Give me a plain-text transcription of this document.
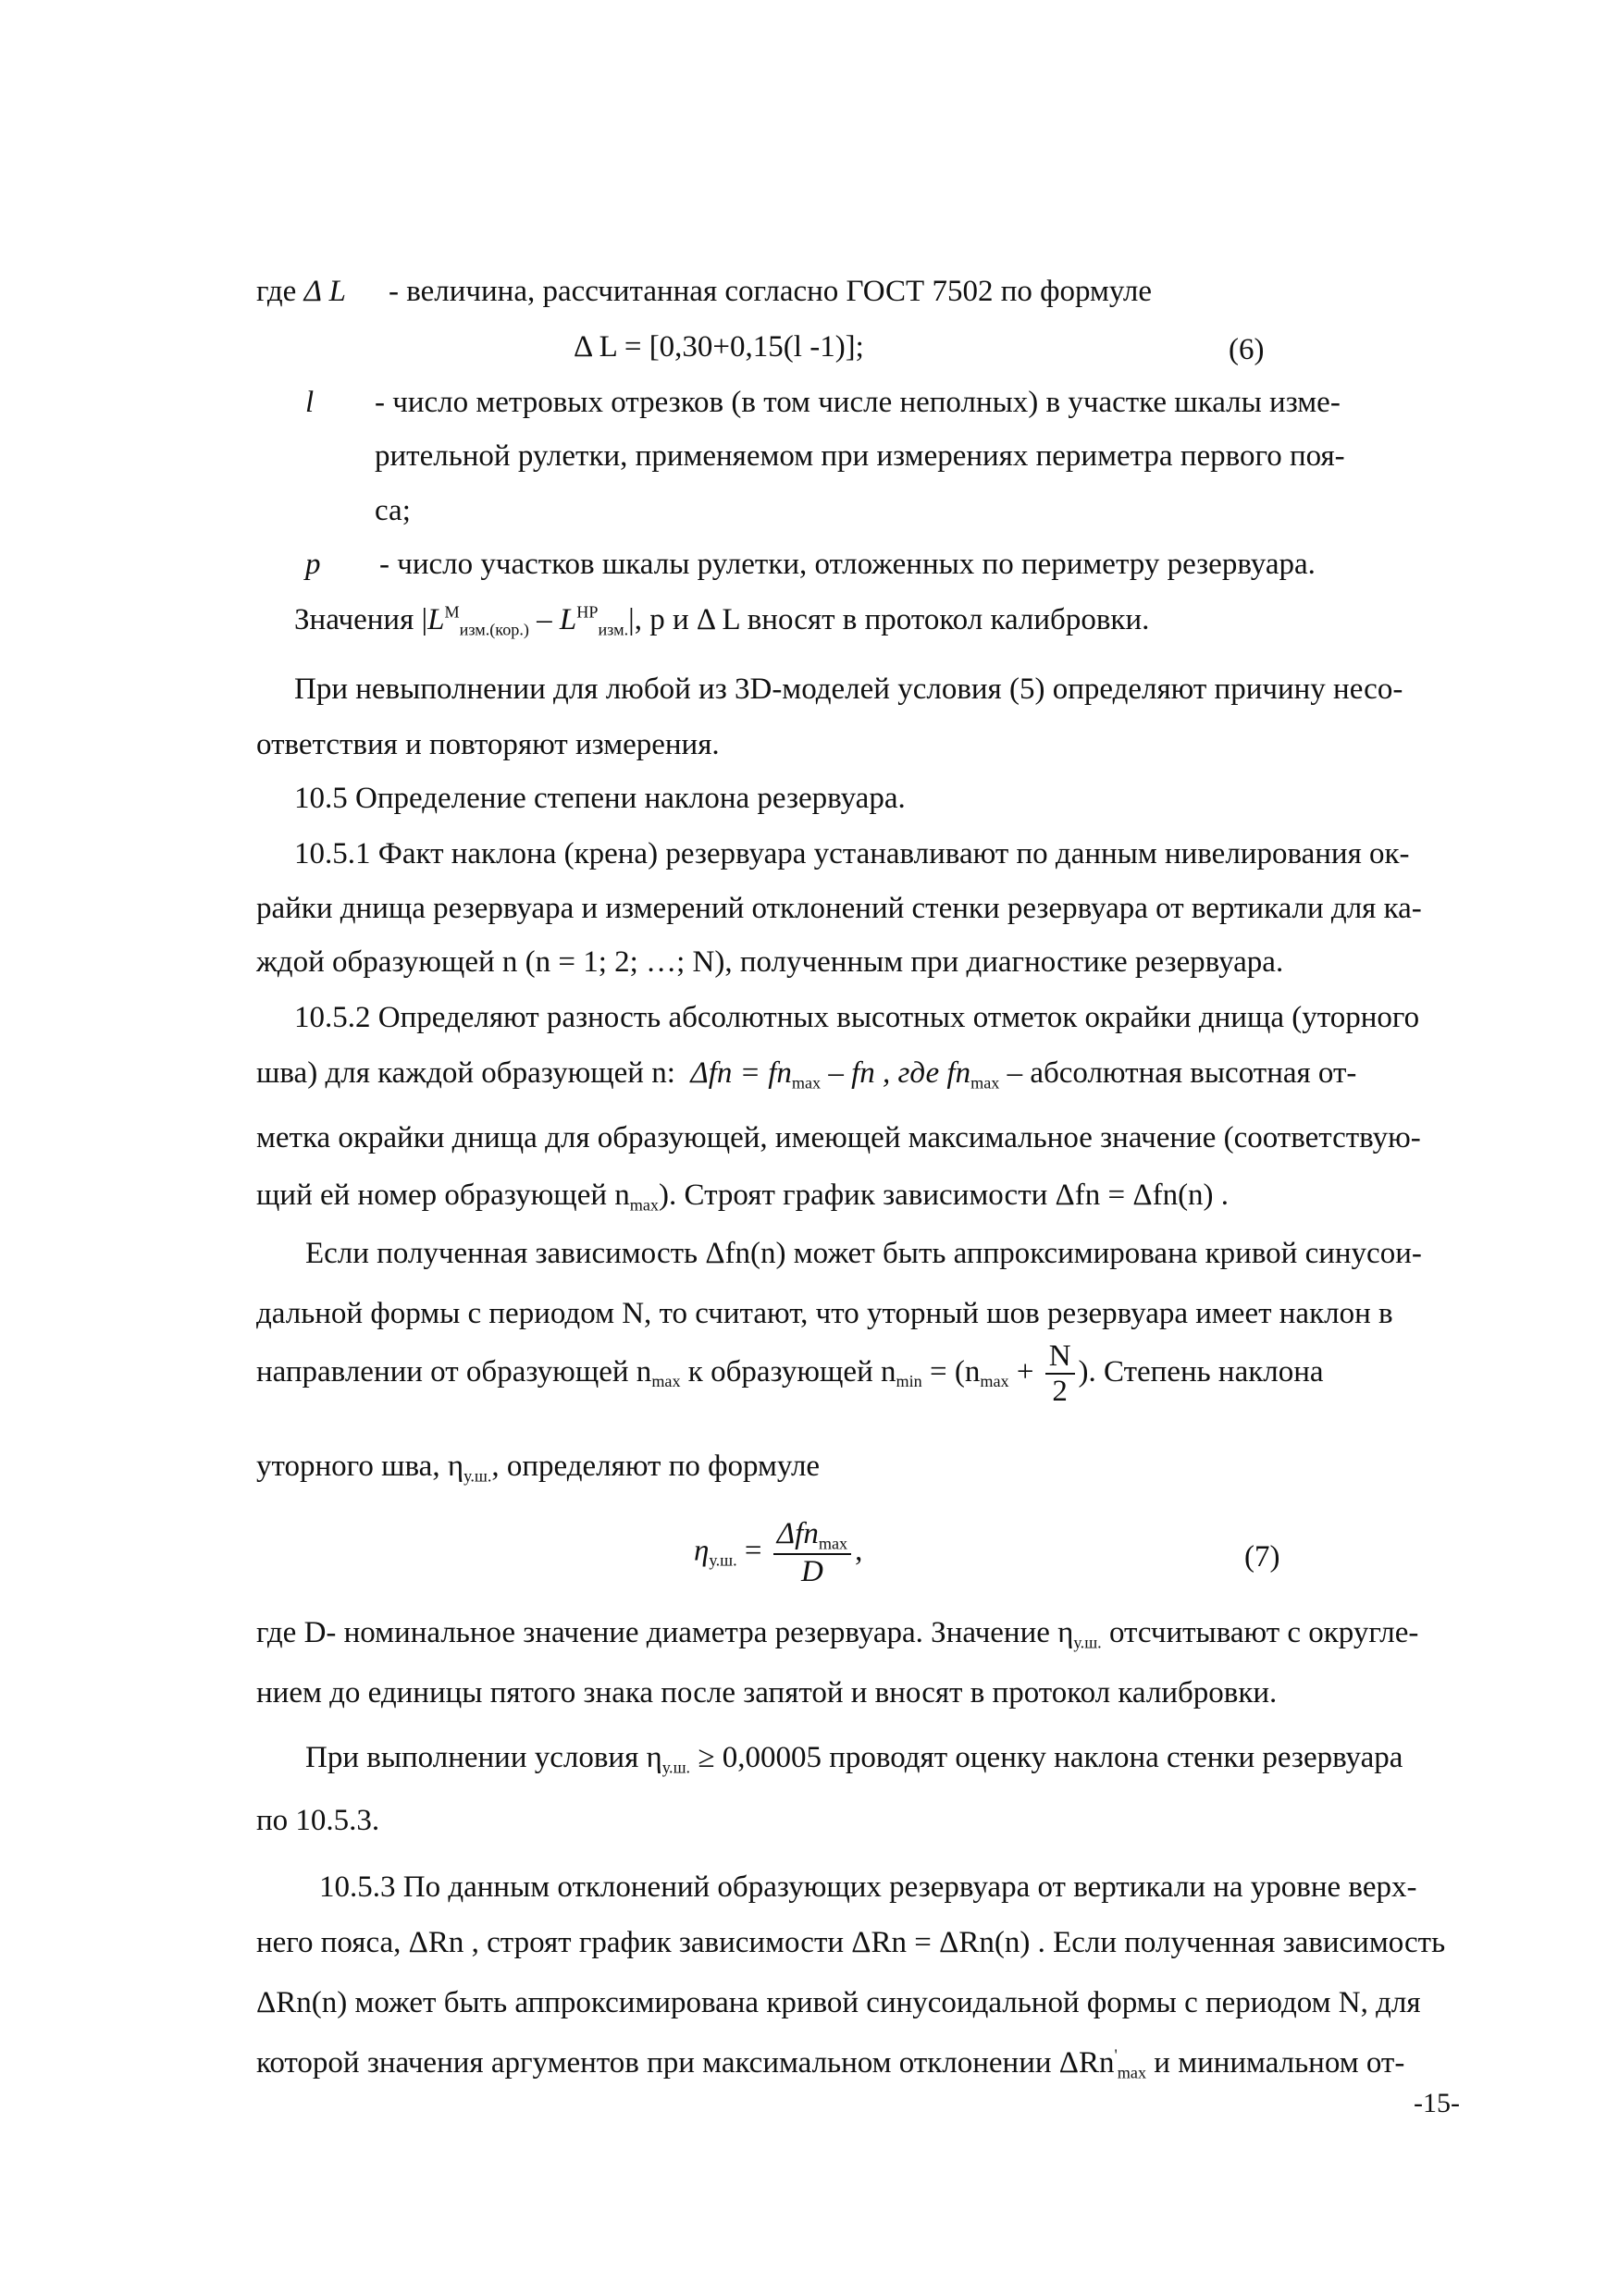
где Δ L - величина, рассчитанная согласно ГОСТ 7502 по формуле
Δ L = [0,30+0,15(l -1)];	(6)
l - число метровых отрезков (в том числе неполных) в участке шкалы изме-
рительной рулетки, применяемом при измерениях периметра первого поя-
са;
p - число участков шкалы рулетки, отложенных по периметру резервуара.
Значения $|L^М_{изм.(кор.)} - L^{НР}_{изм.}|$, p и Δ L вносят в протокол калибровки.
При невыполнении для любой из 3D-моделей условия (5) определяют причину несо-
ответствия и повторяют измерения.
10.5 Определение степени наклона резервуара.
10.5.1 Факт наклона (крена) резервуара устанавливают по данным нивелирования ок-
райки днища резервуара и измерений отклонений стенки резервуара от вертикали для ка-
ждой образующей n (n = 1; 2; …; N), полученным при диагностике резервуара.
10.5.2 Определяют разность абсолютных высотных отметок окрайки днища (уторного
шва) для каждой образующей n: $\Delta fn = fn_{max}$ – fn , где $fn_{max}$ – абсолютная высотная от-
метка окрайки днища для образующей, имеющей максимальное значение (соответствую-
щий ей номер образующей $n_{max}$). Строят график зависимости Δfn = Δfn(n) .
Если полученная зависимость Δfn(n) может быть аппроксимирована кривой синусои-
дальной формы с периодом N, то считают, что уторный шов резервуара имеет наклон в
направлении от образующей $n_{max}$ к образующей $n_{min} = (n_{max} + \frac{N}{2}$ ). Степень наклона
уторного шва, $\eta_{у.ш.}$, определяют по формуле
$\eta_{у.ш.} = \frac{\Delta fn_{max}}{D}$ ,	(7)
где D- номинальное значение диаметра резервуара. Значение $\eta_{у.ш.}$ отсчитывают с округле-
нием до единицы пятого знака после запятой и вносят в протокол калибровки.
При выполнении условия $\eta_{у.ш.} \ge 0,00005$ проводят оценку наклона стенки резервуара
по 10.5.3.
10.5.3 По данным отклонений образующих резервуара от вертикали на уровне верх-
него пояса, ΔRn , строят график зависимости ΔRn = ΔRn(n) . Если полученная зависимость
ΔRn(n) может быть аппроксимирована кривой синусоидальной формы с периодом N, для
которой значения аргументов при максимальном отклонении ΔRn'$_{max}$ и минимальном от-
-15-
